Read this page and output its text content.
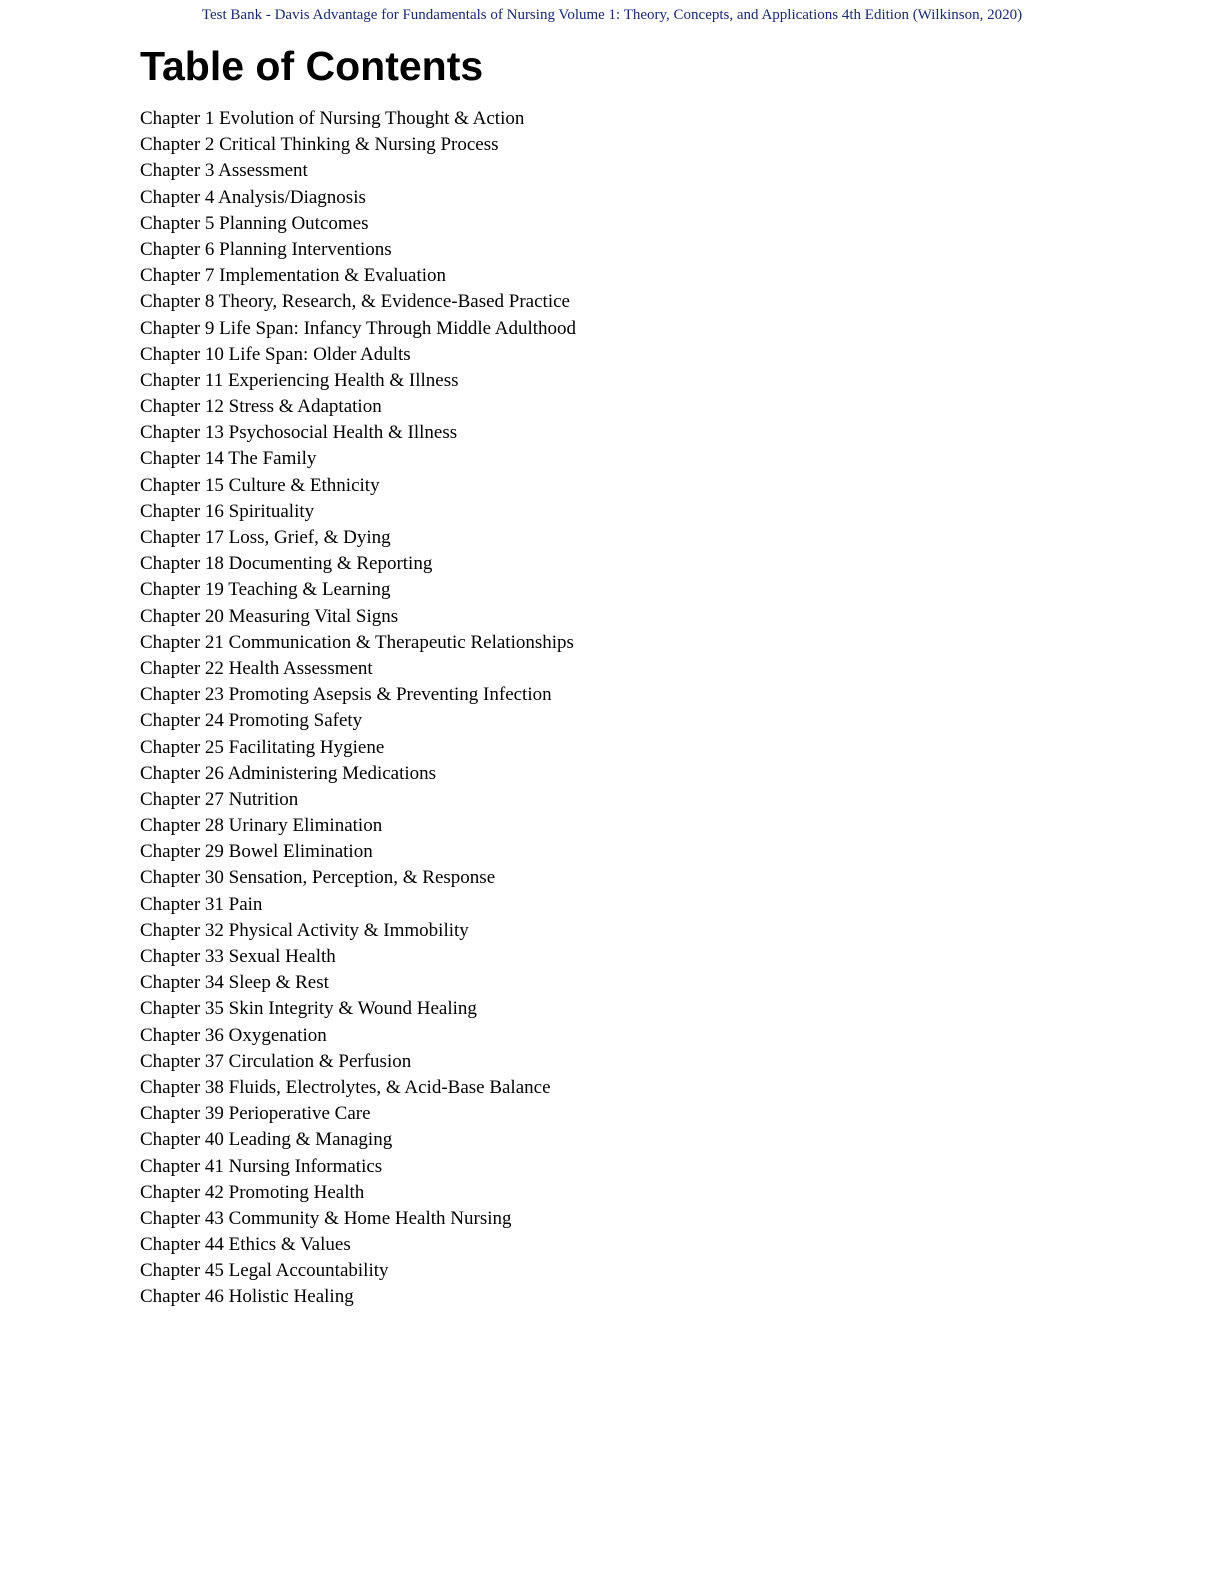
Test Bank - Davis Advantage for Fundamentals of Nursing Volume 1: Theory, Concepts, and Applications 4th Edition (Wilkinson, 2020)
Table of Contents
Chapter 1 Evolution of Nursing Thought & Action
Chapter 2 Critical Thinking & Nursing Process
Chapter 3 Assessment
Chapter 4 Analysis/Diagnosis
Chapter 5 Planning Outcomes
Chapter 6 Planning Interventions
Chapter 7 Implementation & Evaluation
Chapter 8 Theory, Research, & Evidence-Based Practice
Chapter 9 Life Span: Infancy Through Middle Adulthood
Chapter 10 Life Span: Older Adults
Chapter 11 Experiencing Health & Illness
Chapter 12 Stress & Adaptation
Chapter 13 Psychosocial Health & Illness
Chapter 14 The Family
Chapter 15 Culture & Ethnicity
Chapter 16 Spirituality
Chapter 17 Loss, Grief, & Dying
Chapter 18 Documenting & Reporting
Chapter 19 Teaching & Learning
Chapter 20 Measuring Vital Signs
Chapter 21 Communication & Therapeutic Relationships
Chapter 22 Health Assessment
Chapter 23 Promoting Asepsis & Preventing Infection
Chapter 24 Promoting Safety
Chapter 25 Facilitating Hygiene
Chapter 26 Administering Medications
Chapter 27 Nutrition
Chapter 28 Urinary Elimination
Chapter 29 Bowel Elimination
Chapter 30 Sensation, Perception, & Response
Chapter 31 Pain
Chapter 32 Physical Activity & Immobility
Chapter 33 Sexual Health
Chapter 34 Sleep & Rest
Chapter 35 Skin Integrity & Wound Healing
Chapter 36 Oxygenation
Chapter 37 Circulation & Perfusion
Chapter 38 Fluids, Electrolytes, & Acid-Base Balance
Chapter 39 Perioperative Care
Chapter 40 Leading & Managing
Chapter 41 Nursing Informatics
Chapter 42 Promoting Health
Chapter 43 Community & Home Health Nursing
Chapter 44 Ethics & Values
Chapter 45 Legal Accountability
Chapter 46 Holistic Healing
